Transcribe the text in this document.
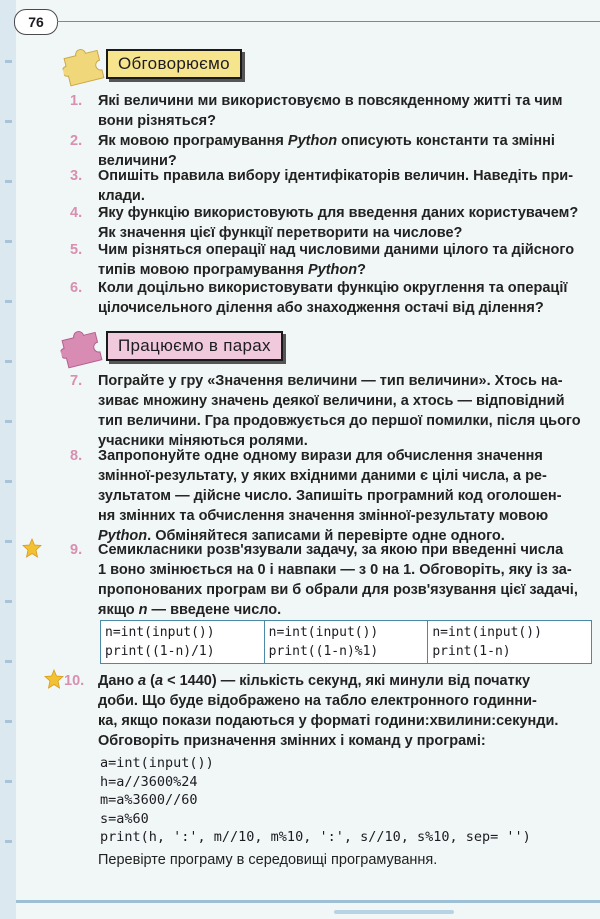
76
Обговорюємо
1.	Які величини ми використовуємо в повсякденному житті та чим
вони різняться?
2.	Як мовою програмування Python описують константи та змінні
величини?
3.	Опишіть правила вибору ідентифікаторів величин. Наведіть при-
клади.
4.	Яку функцію використовують для введення даних користувачем?
Як значення цієї функції перетворити на числове?
5.	Чим різняться операції над числовими даними цілого та дійсного
типів мовою програмування Python?
6.	Коли доцільно використовувати функцію округлення та операції
цілочисельного ділення або знаходження остачі від ділення?
Працюємо в парах
7.	Пограйте у гру «Значення величини — тип величини». Хтось на-
зиває множину значень деякої величини, а хтось — відповідний
тип величини. Гра продовжується до першої помилки, після цього
учасники міняються ролями.
8.	Запропонуйте одне одному вирази для обчислення значення
змінної-результату, у яких вхідними даними є цілі числа, а ре-
зультатом — дійсне число. Запишіть програмний код оголошен-
ня змінних та обчислення значення змінної-результату мовою
Python. Обміняйтеся записами й перевірте одне одного.
9.	Семикласники розв'язували задачу, за якою при введенні числа
1 воно змінюється на 0 і навпаки — з 0 на 1. Обговоріть, яку із за-
пропонованих програм ви б обрали для розв'язування цієї задачі,
якщо n — введене число.
n=int(input())
print((1-n)/1)
n=int(input())
print((1-n)%1)
n=int(input())
print(1-n)
10. Дано a (a < 1440) — кількість секунд, які минули від початку
доби. Що буде відображено на табло електронного годинни-
ка, якщо покази подаються у форматі години:хвилини:секунди.
Обговоріть призначення змінних і команд у програмі:
a=int(input())
h=a//3600%24
m=a%3600//60
s=a%60
print(h, ':', m//10, m%10, ':', s//10, s%10, sep= '')
Перевірте програму в середовищі програмування.
